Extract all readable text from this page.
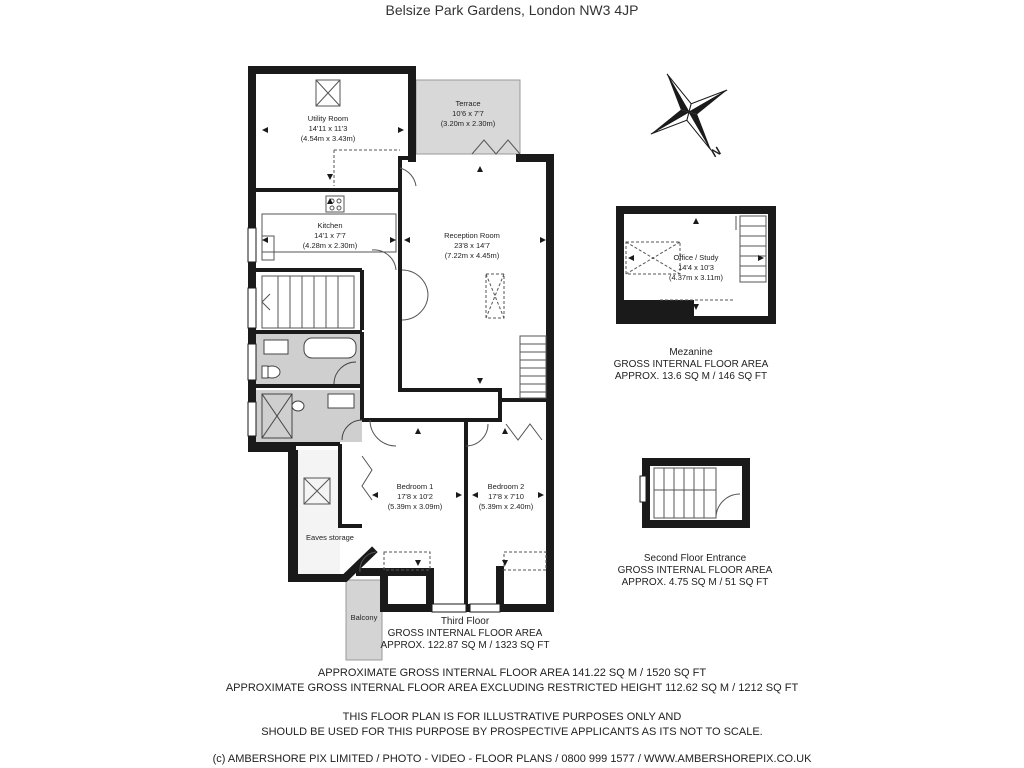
Belsize Park Gardens, London NW3 4JP
N
Utility Room
14'11 x 11'3
(4.54m x 3.43m)
Terrace
10'6 x 7'7
(3.20m x 2.30m)
Kitchen
14'1 x 7'7
(4.28m x 2.30m)
Reception Room
23'8 x 14'7
(7.22m x 4.45m)	Office / Study
14'4 x 10'3
(4.37m x 3.11m)
Bedroom 1
17'8 x 10'2
(5.39m x 3.09m)
Bedroom 2
17'8 x 7'10
(5.39m x 2.40m)
Eaves storage
Balcony
Mezanine
GROSS INTERNAL FLOOR AREA
APPROX. 13.6 SQ M / 146 SQ FT
Second Floor Entrance
GROSS INTERNAL FLOOR AREA
APPROX. 4.75 SQ M / 51 SQ FT
Third Floor
GROSS INTERNAL FLOOR AREA
APPROX. 122.87 SQ M / 1323 SQ FT
APPROXIMATE GROSS INTERNAL FLOOR AREA 141.22 SQ M / 1520 SQ FT
APPROXIMATE GROSS INTERNAL FLOOR AREA EXCLUDING RESTRICTED HEIGHT 112.62 SQ M / 1212 SQ FT
THIS FLOOR PLAN IS FOR ILLUSTRATIVE PURPOSES ONLY AND
SHOULD BE USED FOR THIS PURPOSE BY PROSPECTIVE APPLICANTS AS ITS NOT TO SCALE.
(c) AMBERSHORE PIX LIMITED / PHOTO - VIDEO - FLOOR PLANS / 0800 999 1577 / WWW.AMBERSHOREPIX.CO.UK
